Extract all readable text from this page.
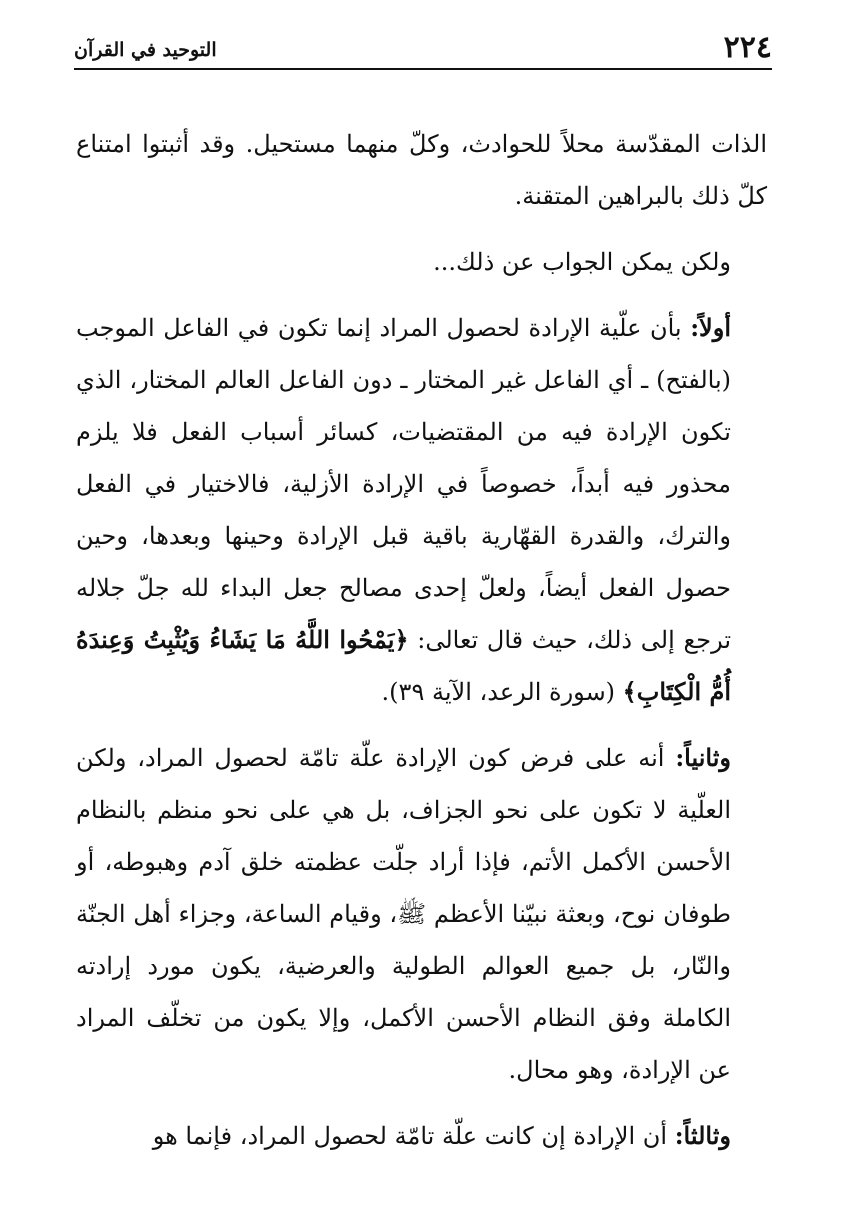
٢٢٤
التوحيد في القرآن

الذات المقدّسة محلاً للحوادث، وكلّ منهما مستحيل. وقد أثبتوا امتناع كلّ ذلك بالبراهين المتقنة.

ولكن يمكن الجواب عن ذلك...

أولاً: بأن علّية الإرادة لحصول المراد إنما تكون في الفاعل الموجب (بالفتح) ـ أي الفاعل غير المختار ـ دون الفاعل العالم المختار، الذي تكون الإرادة فيه من المقتضيات، كسائر أسباب الفعل فلا يلزم محذور فيه أبداً، خصوصاً في الإرادة الأزلية، فالاختيار في الفعل والترك، والقدرة القهّارية باقية قبل الإرادة وحينها وبعدها، وحين حصول الفعل أيضاً، ولعلّ إحدى مصالح جعل البداء لله جلّ جلاله ترجع إلى ذلك، حيث قال تعالى: ﴿يَمْحُوا اللَّهُ مَا يَشَاءُ وَيُثْبِتُ وَعِندَهُ أُمُّ الْكِتَابِ﴾ (سورة الرعد، الآية ٣٩).

وثانياً: أنه على فرض كون الإرادة علّة تامّة لحصول المراد، ولكن العلّية لا تكون على نحو الجزاف، بل هي على نحو منظم بالنظام الأحسن الأكمل الأتم، فإذا أراد جلّت عظمته خلق آدم وهبوطه، أو طوفان نوح، وبعثة نبيّنا الأعظم ﷺ، وقيام الساعة، وجزاء أهل الجنّة والنّار، بل جميع العوالم الطولية والعرضية، يكون مورد إرادته الكاملة وفق النظام الأحسن الأكمل، وإلا يكون من تخلّف المراد عن الإرادة، وهو محال.

وثالثاً: أن الإرادة إن كانت علّة تامّة لحصول المراد، فإنما هو
